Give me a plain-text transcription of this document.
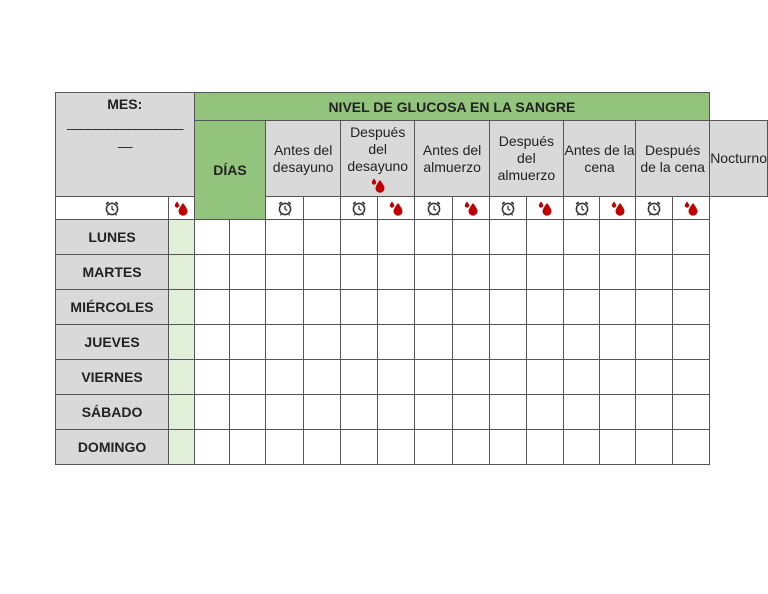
MES:
_________________
__		NIVEL DE GLUCOSA EN LA SANGRE														
		DÍAS		Antes del desayuno		Después del desayuno		Antes del almuerzo		Después del almuerzo		Antes de la cena		Después de la cena		Nocturno

LUNES																
MARTES																
MIÉRCOLES																
JUEVES																
VIERNES																
SÁBADO																
DOMINGO																
